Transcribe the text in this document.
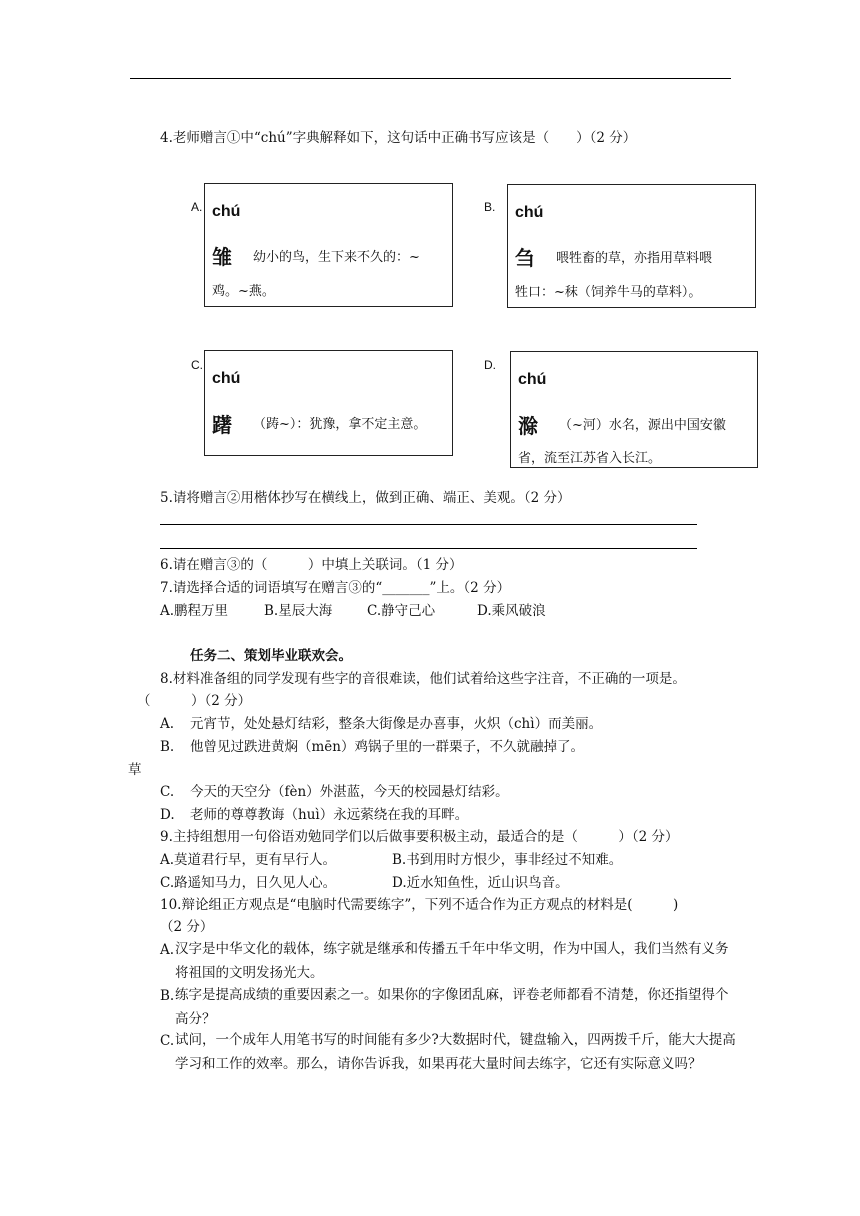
4.老师赠言①中“chú”字典解释如下，这句话中正确书写应该是（　　）（2 分）
A. chú
雏 幼小的鸟，生下来不久的：~
鸡。~燕。
B. chú
刍 喂牲畜的草，亦指用草料喂
牲口：~秣（饲养牛马的草料）。
C.
chú
躇 （踌~）：犹豫，拿不定主意。
D.
chú
滁 （~河）水名，源出中国安徽
省，流至江苏省入长江。
5.请将赠言②用楷体抄写在横线上，做到正确、端正、美观。（2 分）
6.请在赠言③的（　　　）中填上关联词。（1 分）
7.请选择合适的词语填写在赠言③的“_______”上。（2 分）
A.鹏程万里	B.星辰大海	C.静守己心	D.乘风破浪
任务二、策划毕业联欢会。
8.材料准备组的同学发现有些字的音很难读，他们试着给这些字注音，不正确的一项是。
（　　　）（2 分）
A. 元宵节，处处悬灯结彩，整条大街像是办喜事，火炽（chì）而美丽。
B. 他曾见过跌进黄焖（mēn）鸡锅子里的一群栗子，不久就融掉了。
草
C. 今天的天空分（fèn）外湛蓝，今天的校园悬灯结彩。
D. 老师的尊尊教诲（huì）永远萦绕在我的耳畔。
9.主持组想用一句俗语劝勉同学们以后做事要积极主动，最适合的是（　　　）（2 分）
A.莫道君行早，更有早行人。	B.书到用时方恨少，事非经过不知难。
C.路遥知马力，日久见人心。	D.近水知鱼性，近山识鸟音。
10.辩论组正方观点是“电脑时代需要练字”，下列不适合作为正方观点的材料是(　　　)
（2 分）
A. 汉字是中华文化的载体，练字就是继承和传播五千年中华文明，作为中国人，我们当然有义务将祖国的文明发扬光大。
B. 练字是提高成绩的重要因素之一。如果你的字像团乱麻，评卷老师都看不清楚，你还指望得个高分？
C. 试问，一个成年人用笔书写的时间能有多少?大数据时代，键盘输入，四两拨千斤，能大大提高学习和工作的效率。那么，请你告诉我，如果再花大量时间去练字，它还有实际意义吗？
